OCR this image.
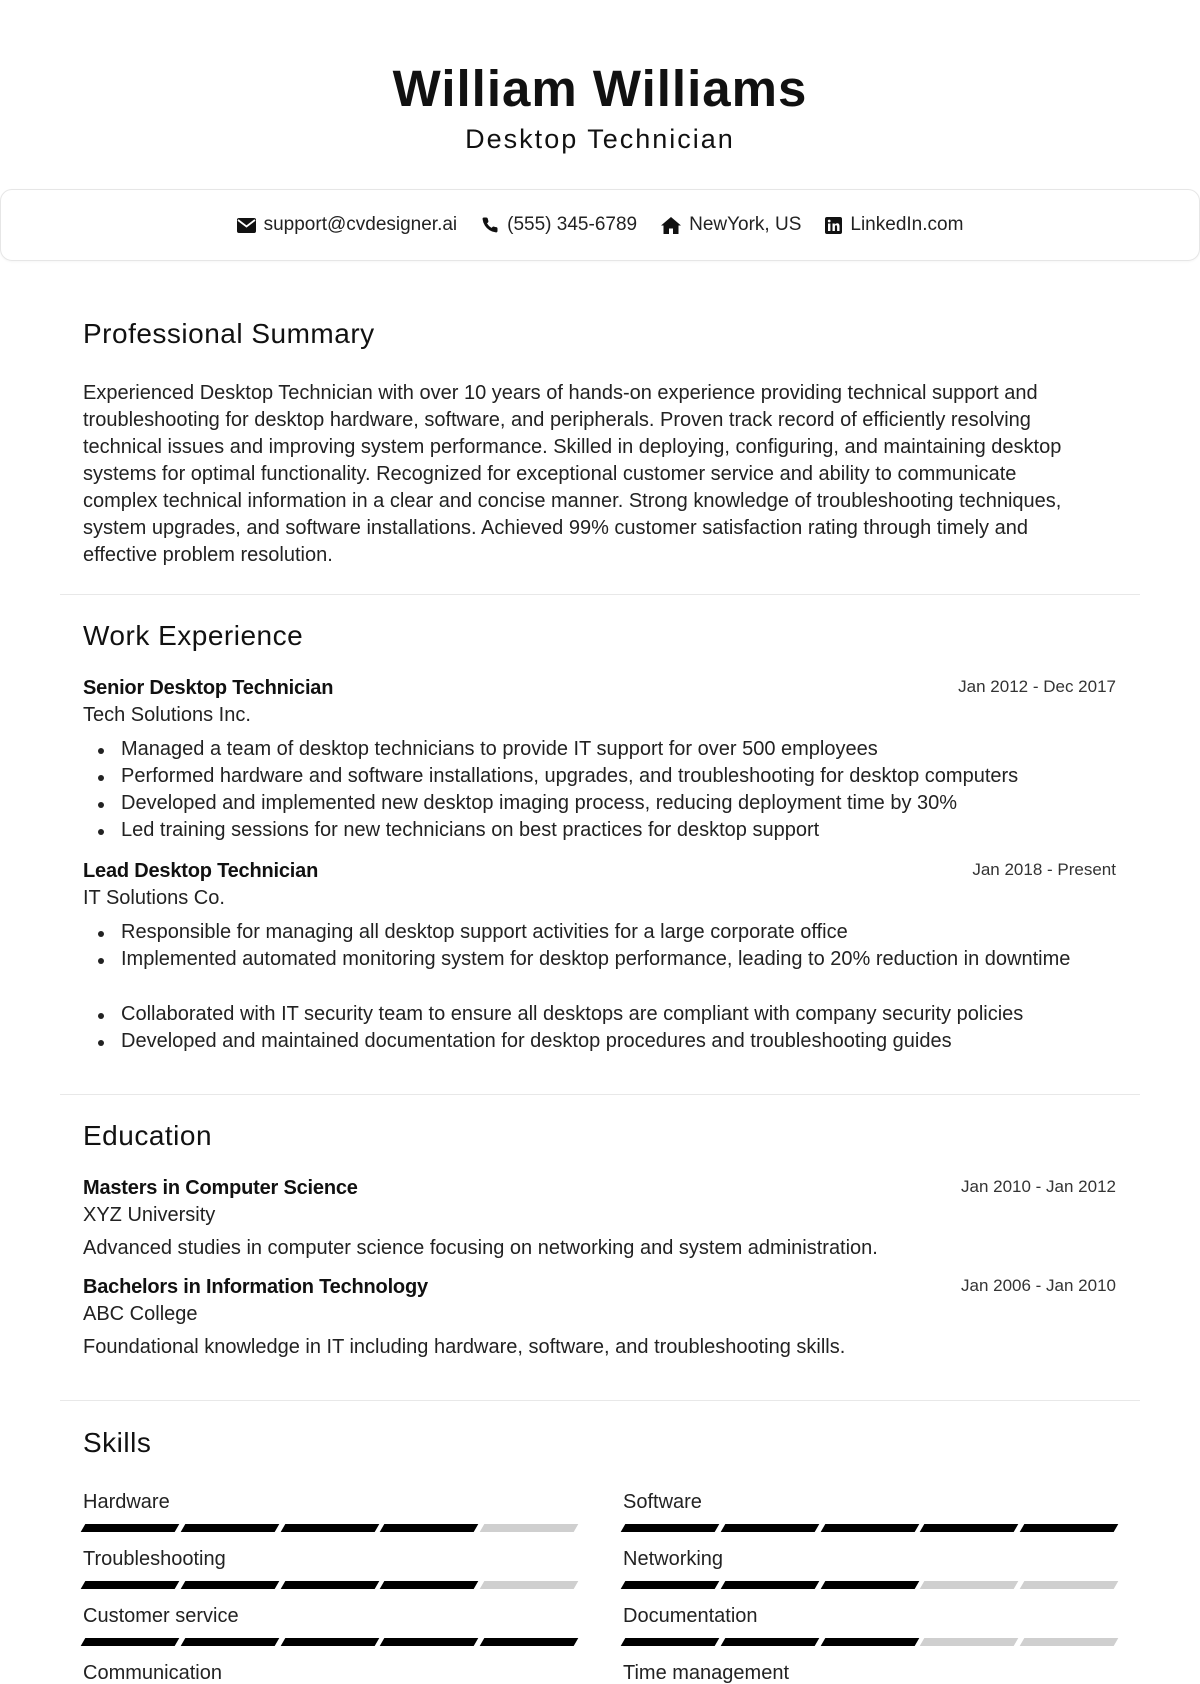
William Williams
Desktop Technician
support@cvdesigner.ai	(555) 345-6789	NewYork, US	LinkedIn.com
Professional Summary
Experienced Desktop Technician with over 10 years of hands-on experience providing technical support and
troubleshooting for desktop hardware, software, and peripherals. Proven track record of efficiently resolving
technical issues and improving system performance. Skilled in deploying, configuring, and maintaining desktop
systems for optimal functionality. Recognized for exceptional customer service and ability to communicate
complex technical information in a clear and concise manner. Strong knowledge of troubleshooting techniques,
system upgrades, and software installations. Achieved 99% customer satisfaction rating through timely and
effective problem resolution.
Work Experience
Senior Desktop Technician	Jan 2012 - Dec 2017
Tech Solutions Inc.
Managed a team of desktop technicians to provide IT support for over 500 employees
Performed hardware and software installations, upgrades, and troubleshooting for desktop computers
Developed and implemented new desktop imaging process, reducing deployment time by 30%
Led training sessions for new technicians on best practices for desktop support
Lead Desktop Technician	Jan 2018 - Present
IT Solutions Co.
Responsible for managing all desktop support activities for a large corporate office
Implemented automated monitoring system for desktop performance, leading to 20% reduction in downtime
Collaborated with IT security team to ensure all desktops are compliant with company security policies
Developed and maintained documentation for desktop procedures and troubleshooting guides
Education
Masters in Computer Science	Jan 2010 - Jan 2012
XYZ University
Advanced studies in computer science focusing on networking and system administration.
Bachelors in Information Technology	Jan 2006 - Jan 2010
ABC College
Foundational knowledge in IT including hardware, software, and troubleshooting skills.
Skills
Hardware	Software
Troubleshooting	Networking
Customer service	Documentation
Communication	Time management
